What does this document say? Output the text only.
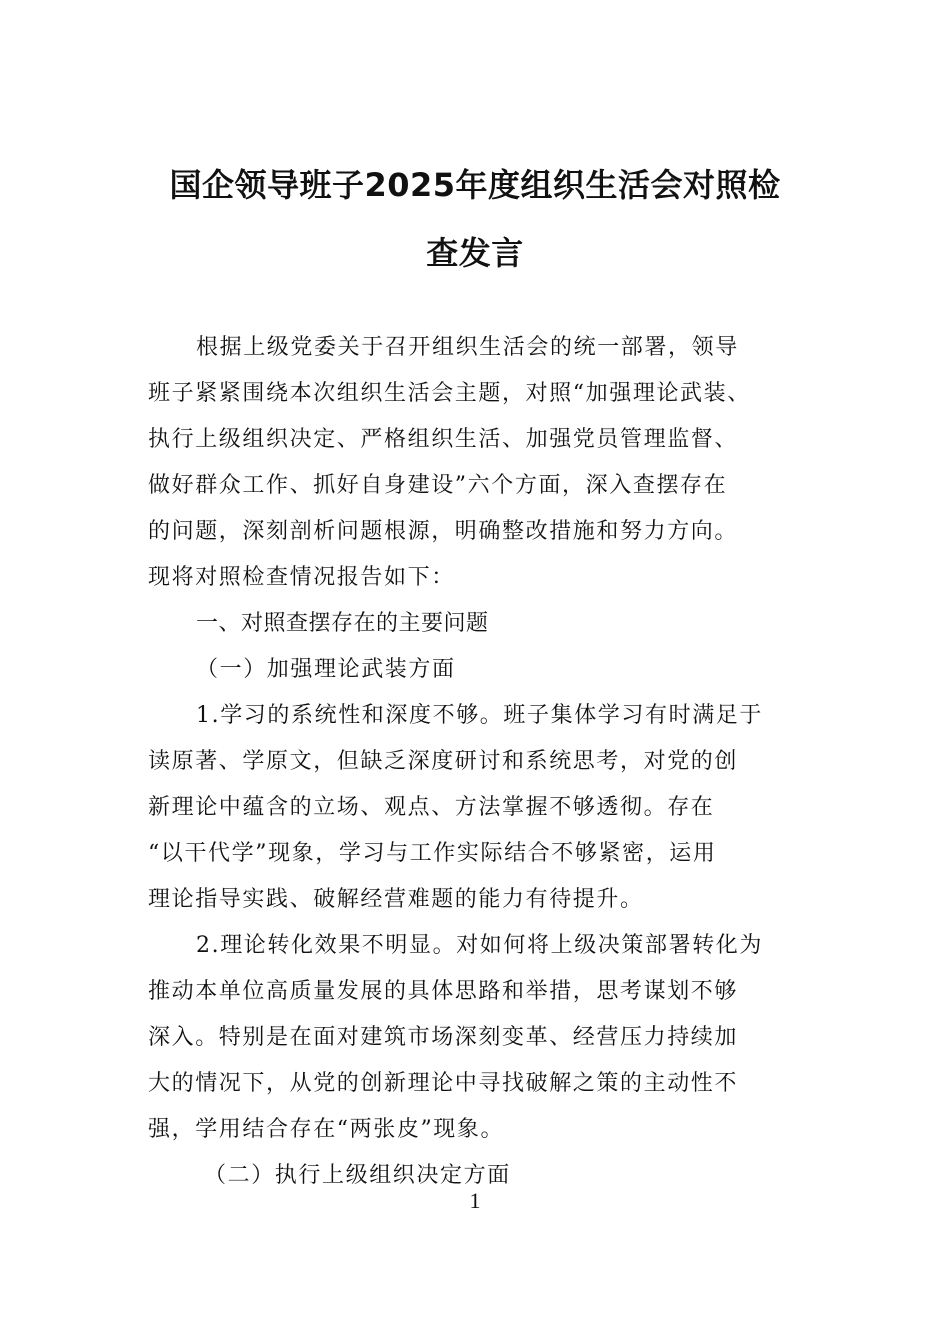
国企领导班子2025年度组织生活会对照检
查发言
根据上级党委关于召开组织生活会的统一部署，领导
班子紧紧围绕本次组织生活会主题，对照“加强理论武装、
执行上级组织决定、严格组织生活、加强党员管理监督、
做好群众工作、抓好自身建设”六个方面，深入查摆存在
的问题，深刻剖析问题根源，明确整改措施和努力方向。
现将对照检查情况报告如下：
一、对照查摆存在的主要问题
（一）加强理论武装方面
1.学习的系统性和深度不够。班子集体学习有时满足于
读原著、学原文，但缺乏深度研讨和系统思考，对党的创
新理论中蕴含的立场、观点、方法掌握不够透彻。存在
“以干代学”现象，学习与工作实际结合不够紧密，运用
理论指导实践、破解经营难题的能力有待提升。
2.理论转化效果不明显。对如何将上级决策部署转化为
推动本单位高质量发展的具体思路和举措，思考谋划不够
深入。特别是在面对建筑市场深刻变革、经营压力持续加
大的情况下，从党的创新理论中寻找破解之策的主动性不
强，学用结合存在“两张皮”现象。
（二）执行上级组织决定方面
1
